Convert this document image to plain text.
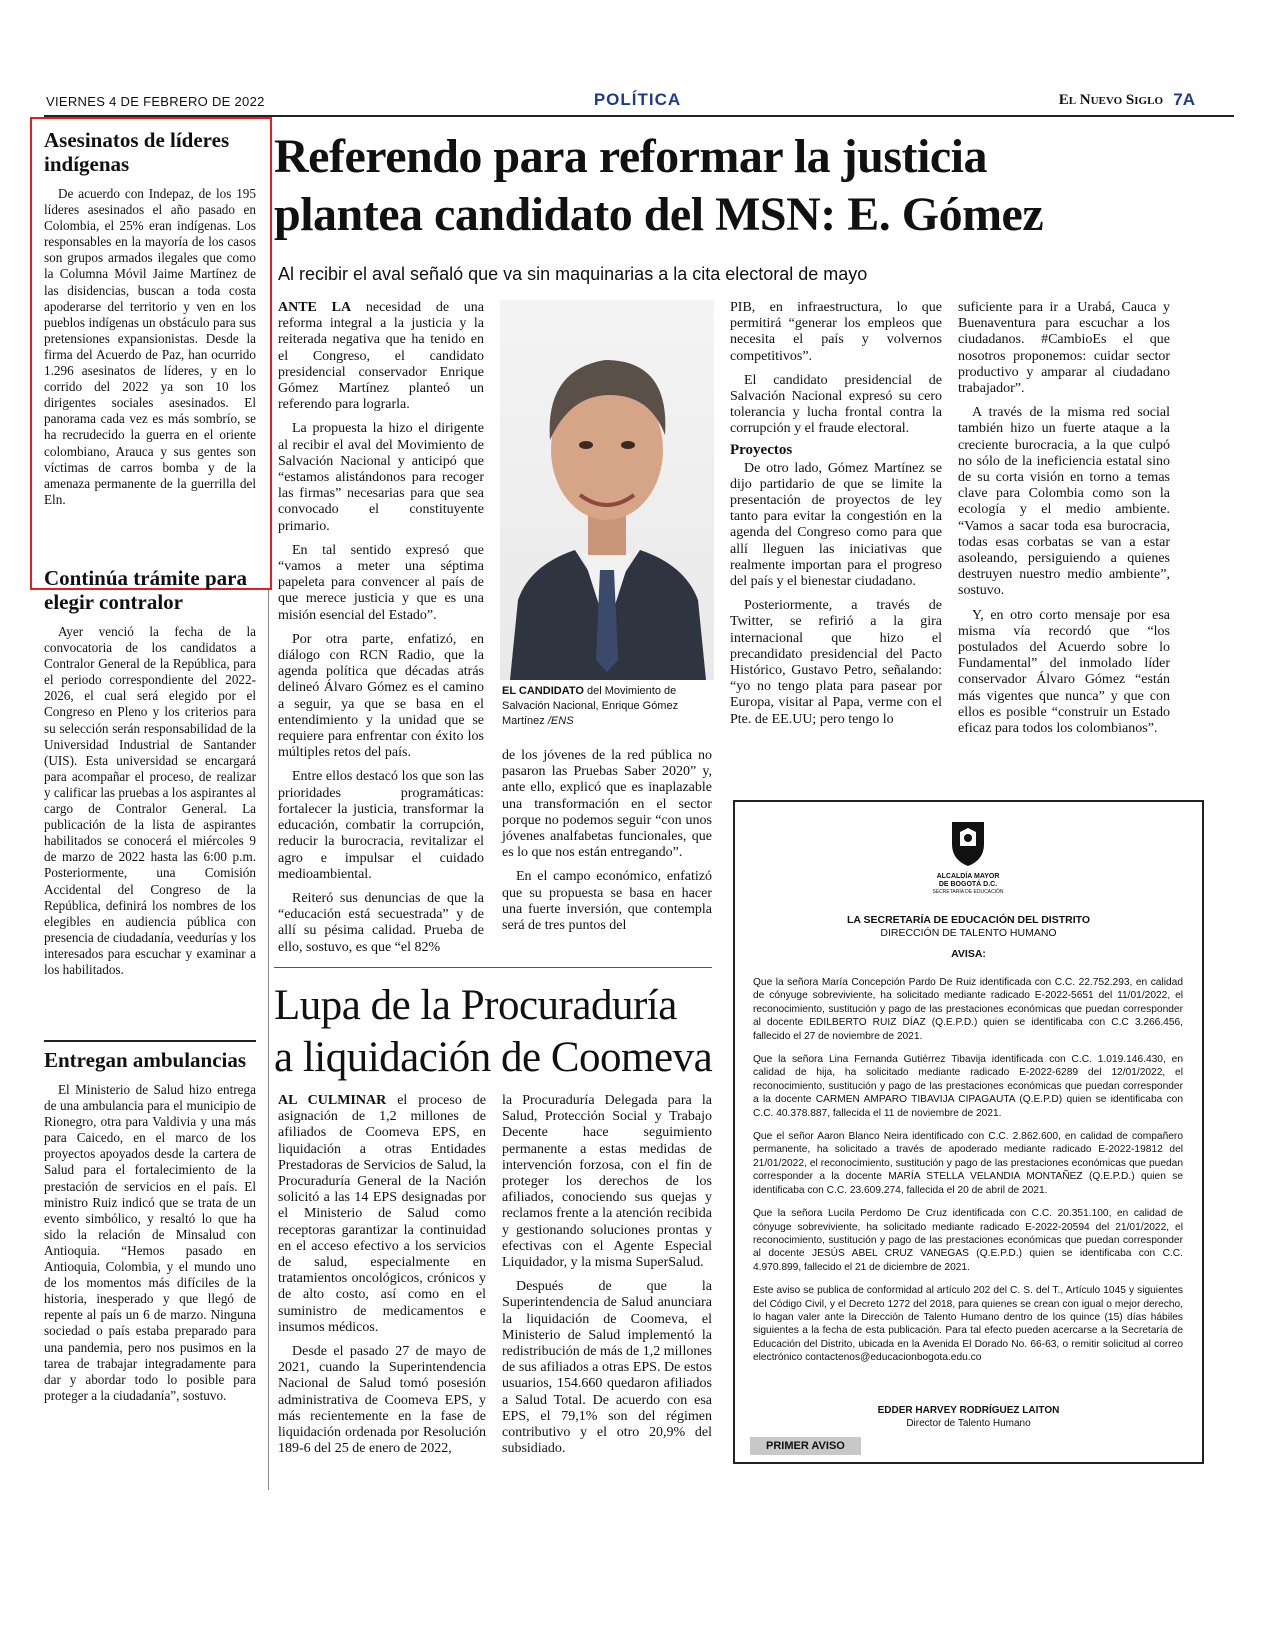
VIERNES 4 DE FEBRERO DE 2022	POLÍTICA	El Nuevo Siglo 7A
Asesinatos de líderes indígenas

De acuerdo con Indepaz, de los 195 líderes asesinados el año pasado en Colombia, el 25% eran indígenas. Los responsables en la mayoría de los casos son grupos armados ilegales que como la Columna Móvil Jaime Martínez de las disidencias, buscan a toda costa apoderarse del territorio y ven en los pueblos indígenas un obstáculo para sus pretensiones expansionistas. Desde la firma del Acuerdo de Paz, han ocurrido 1.296 asesinatos de líderes, y en lo corrido del 2022 ya son 10 los dirigentes sociales asesinados. El panorama cada vez es más sombrío, se ha recrudecido la guerra en el oriente colombiano, Arauca y sus gentes son víctimas de carros bomba y de la amenaza permanente de la guerrilla del Eln.

Continúa trámite para elegir contralor

Ayer venció la fecha de la convocatoria de los candidatos a Contralor General de la República, para el periodo correspondiente del 2022-2026, el cual será elegido por el Congreso en Pleno y los criterios para su selección serán responsabilidad de la Universidad Industrial de Santander (UIS). Esta universidad se encargará para acompañar el proceso, de realizar y calificar las pruebas a los aspirantes al cargo de Contralor General. La publicación de la lista de aspirantes habilitados se conocerá el miércoles 9 de marzo de 2022 hasta las 6:00 p.m. Posteriormente, una Comisión Accidental del Congreso de la República, definirá los nombres de los elegibles en audiencia pública con presencia de ciudadanía, veedurías y los interesados para escuchar y examinar a los habilitados.

Entregan ambulancias

El Ministerio de Salud hizo entrega de una ambulancia para el municipio de Rionegro, otra para Valdivia y una más para Caicedo, en el marco de los proyectos apoyados desde la cartera de Salud para el fortalecimiento de la prestación de servicios en el país. El ministro Ruiz indicó que se trata de un evento simbólico, y resaltó lo que ha sido la relación de Minsalud con Antioquia. “Hemos pasado en Antioquia, Colombia, y el mundo uno de los momentos más difíciles de la historia, inesperado y que llegó de repente al país un 6 de marzo. Ninguna sociedad o país estaba preparado para una pandemia, pero nos pusimos en la tarea de trabajar integradamente para dar y abordar todo lo posible para proteger a la ciudadanía”, sostuvo.

Referendo para reformar la justicia
plantea candidato del MSN: E. Gómez
Al recibir el aval señaló que va sin maquinarias a la cita electoral de mayo

ANTE LA necesidad de una reforma integral a la justicia y la reiterada negativa que ha tenido en el Congreso, el candidato presidencial conservador Enrique Gómez Martínez planteó un referendo para lograrla.

La propuesta la hizo el dirigente al recibir el aval del Movimiento de Salvación Nacional y anticipó que “estamos alistándonos para recoger las firmas” necesarias para que sea convocado el constituyente primario.

En tal sentido expresó que “vamos a meter una séptima papeleta para convencer al país de que merece justicia y que es una misión esencial del Estado”.

Por otra parte, enfatizó, en diálogo con RCN Radio, que la agenda política que décadas atrás delineó Álvaro Gómez es el camino a seguir, ya que se basa en el entendimiento y la unidad que se requiere para enfrentar con éxito los múltiples retos del país.

Entre ellos destacó los que son las prioridades programáticas: fortalecer la justicia, transformar la educación, combatir la corrupción, reducir la burocracia, revitalizar el agro e impulsar el cuidado medioambiental.

Reiteró sus denuncias de que la “educación está secuestrada” y de allí su pésima calidad. Prueba de ello, sostuvo, es que “el 82%

EL CANDIDATO del Movimiento de Salvación Nacional, Enrique Gómez Martínez /ENS

de los jóvenes de la red pública no pasaron las Pruebas Saber 2020” y, ante ello, explicó que es inaplazable una transformación en el sector porque no podemos seguir “con unos jóvenes analfabetas funcionales, que es lo que nos están entregando”.

En el campo económico, enfatizó que su propuesta se basa en hacer una fuerte inversión, que contempla será de tres puntos del

PIB, en infraestructura, lo que permitirá “generar los empleos que necesita el país y volvernos competitivos”.

El candidato presidencial de Salvación Nacional expresó su cero tolerancia y lucha frontal contra la corrupción y el fraude electoral.

Proyectos

De otro lado, Gómez Martínez se dijo partidario de que se limite la presentación de proyectos de ley tanto para evitar la congestión en la agenda del Congreso como para que allí lleguen las iniciativas que realmente importan para el progreso del país y el bienestar ciudadano.

Posteriormente, a través de Twitter, se refirió a la gira internacional que hizo el precandidato presidencial del Pacto Histórico, Gustavo Petro, señalando: “yo no tengo plata para pasear por Europa, visitar al Papa, verme con el Pte. de EE.UU; pero tengo lo

suficiente para ir a Urabá, Cauca y Buenaventura para escuchar a los ciudadanos. #CambioEs el que nosotros proponemos: cuidar sector productivo y amparar al ciudadano trabajador”.

A través de la misma red social también hizo un fuerte ataque a la creciente burocracia, a la que culpó no sólo de la ineficiencia estatal sino de su corta visión en torno a temas clave para Colombia como son la ecología y el medio ambiente. “Vamos a sacar toda esa burocracia, todas esas corbatas se van a estar asoleando, persiguiendo a quienes destruyen nuestro medio ambiente”, sostuvo.

Y, en otro corto mensaje por esa misma vía recordó que “los postulados del Acuerdo sobre lo Fundamental” del inmolado líder conservador Álvaro Gómez “están más vigentes que nunca” y que con ellos es posible “construir un Estado eficaz para todos los colombianos”.

Lupa de la Procuraduría
a liquidación de Coomeva

AL CULMINAR el proceso de asignación de 1,2 millones de afiliados de Coomeva EPS, en liquidación a otras Entidades Prestadoras de Servicios de Salud, la Procuraduría General de la Nación solicitó a las 14 EPS designadas por el Ministerio de Salud como receptoras garantizar la continuidad en el acceso efectivo a los servicios de salud, especialmente en tratamientos oncológicos, crónicos y de alto costo, así como en el suministro de medicamentos e insumos médicos.

Desde el pasado 27 de mayo de 2021, cuando la Superintendencia Nacional de Salud tomó posesión administrativa de Coomeva EPS, y más recientemente en la fase de liquidación ordenada por Resolución 189-6 del 25 de enero de 2022,

la Procuraduría Delegada para la Salud, Protección Social y Trabajo Decente hace seguimiento permanente a estas medidas de intervención forzosa, con el fin de proteger los derechos de los afiliados, conociendo sus quejas y reclamos frente a la atención recibida y gestionando soluciones prontas y efectivas con el Agente Especial Liquidador, y la misma SuperSalud.

Después de que la Superintendencia de Salud anunciara la liquidación de Coomeva, el Ministerio de Salud implementó la redistribución de más de 1,2 millones de sus afiliados a otras EPS. De estos usuarios, 154.660 quedaron afiliados a Salud Total. De acuerdo con esa EPS, el 79,1% son del régimen contributivo y el otro 20,9% del subsidiado.

ALCALDÍA MAYOR
DE BOGOTÁ D.C.
SECRETARÍA DE EDUCACIÓN
LA SECRETARÍA DE EDUCACIÓN DEL DISTRITO
DIRECCIÓN DE TALENTO HUMANO
AVISA:

Que la señora María Concepción Pardo De Ruiz identificada con C.C. 22.752.293, en calidad de cónyuge sobreviviente, ha solicitado mediante radicado E-2022-5651 del 11/01/2022, el reconocimiento, sustitución y pago de las prestaciones económicas que puedan corresponder al docente EDILBERTO RUIZ DÍAZ (Q.E.P.D.) quien se identificaba con C.C 3.266.456, fallecido el 27 de noviembre de 2021.

Que la señora Lina Fernanda Gutiérrez Tibavija identificada con C.C. 1.019.146.430, en calidad de hija, ha solicitado mediante radicado E-2022-6289 del 12/01/2022, el reconocimiento, sustitución y pago de las prestaciones económicas que puedan corresponder a la docente CARMEN AMPARO TIBAVIJA CIPAGAUTA (Q.E.P.D) quien se identificaba con C.C. 40.378.887, fallecida el 11 de noviembre de 2021.

Que el señor Aaron Blanco Neira identificado con C.C. 2.862.600, en calidad de compañero permanente, ha solicitado a través de apoderado mediante radicado E-2022-19812 del 21/01/2022, el reconocimiento, sustitución y pago de las prestaciones económicas que puedan corresponder a la docente MARÍA STELLA VELANDIA MONTAÑEZ (Q.E.P.D.) quien se identificaba con C.C. 23.609.274, fallecida el 20 de abril de 2021.

Que la señora Lucila Perdomo De Cruz identificada con C.C. 20.351.100, en calidad de cónyuge sobreviviente, ha solicitado mediante radicado E-2022-20594 del 21/01/2022, el reconocimiento, sustitución y pago de las prestaciones económicas que puedan corresponder al docente JESÚS ABEL CRUZ VANEGAS (Q.E.P.D.) quien se identificaba con C.C. 4.970.899, fallecido el 21 de diciembre de 2021.

Este aviso se publica de conformidad al artículo 202 del C. S. del T., Artículo 1045 y siguientes del Código Civil, y el Decreto 1272 del 2018, para quienes se crean con igual o mejor derecho, lo hagan valer ante la Dirección de Talento Humano dentro de los quince (15) días hábiles siguientes a la fecha de esta publicación. Para tal efecto pueden acercarse a la Secretaría de Educación del Distrito, ubicada en la Avenida El Dorado No. 66-63, o remitir solicitud al correo electrónico contactenos@educacionbogota.edu.co

EDDER HARVEY RODRÍGUEZ LAITON
Director de Talento Humano
PRIMER AVISO
